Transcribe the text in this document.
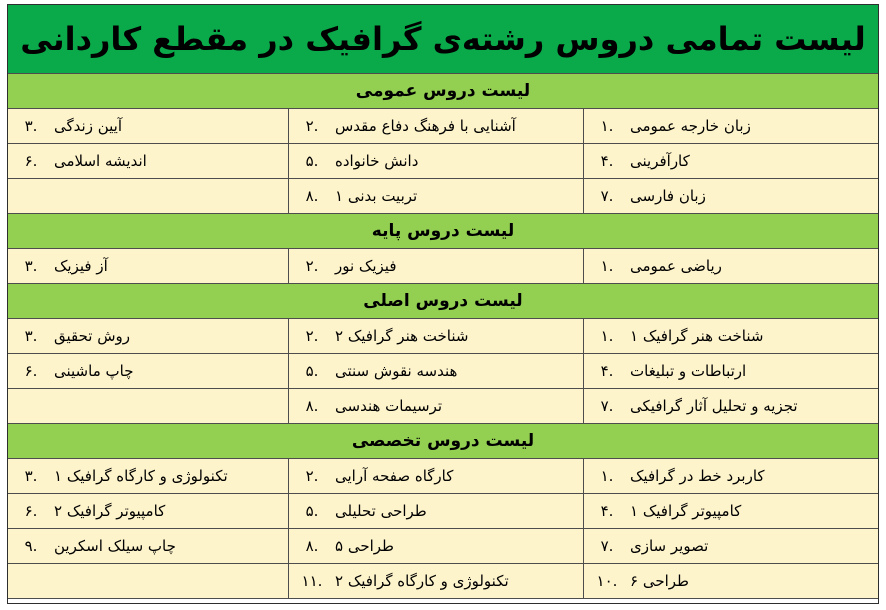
لیست تمامی دروس رشته‌ی گرافیک در مقطع کاردانی
لیست دروس عمومی
.۱	زبان خارجه عمومی
.۲	آشنایی با فرهنگ دفاع مقدس
.۳	آیین زندگی
.۴	کارآفرینی
.۵	دانش خانواده
.۶	اندیشه اسلامی
.۷	زبان فارسی
.۸	تربیت بدنی ۱
لیست دروس پایه
.۱	ریاضی عمومی
.۲	فیزیک نور
.۳	آز فیزیک
لیست دروس اصلی
.۱	شناخت هنر گرافیک ۱
.۲	شناخت هنر گرافیک ۲
.۳	روش تحقیق
.۴	ارتباطات و تبلیغات
.۵	هندسه نقوش سنتی
.۶	چاپ ماشینی
.۷	تجزیه و تحلیل آثار گرافیکی
.۸	ترسیمات هندسی
لیست دروس تخصصی
.۱	کاربرد خط در گرافیک
.۲	کارگاه صفحه آرایی
.۳	تکنولوژی و کارگاه گرافیک ۱
.۴	کامپیوتر گرافیک ۱
.۵	طراحی تحلیلی
.۶	کامپیوتر گرافیک ۲
.۷	تصویر سازی
.۸	طراحی ۵
.۹	چاپ سیلک اسکرین
.۱۰ طراحی ۶
.۱۱ تکنولوژی و کارگاه گرافیک ۲
